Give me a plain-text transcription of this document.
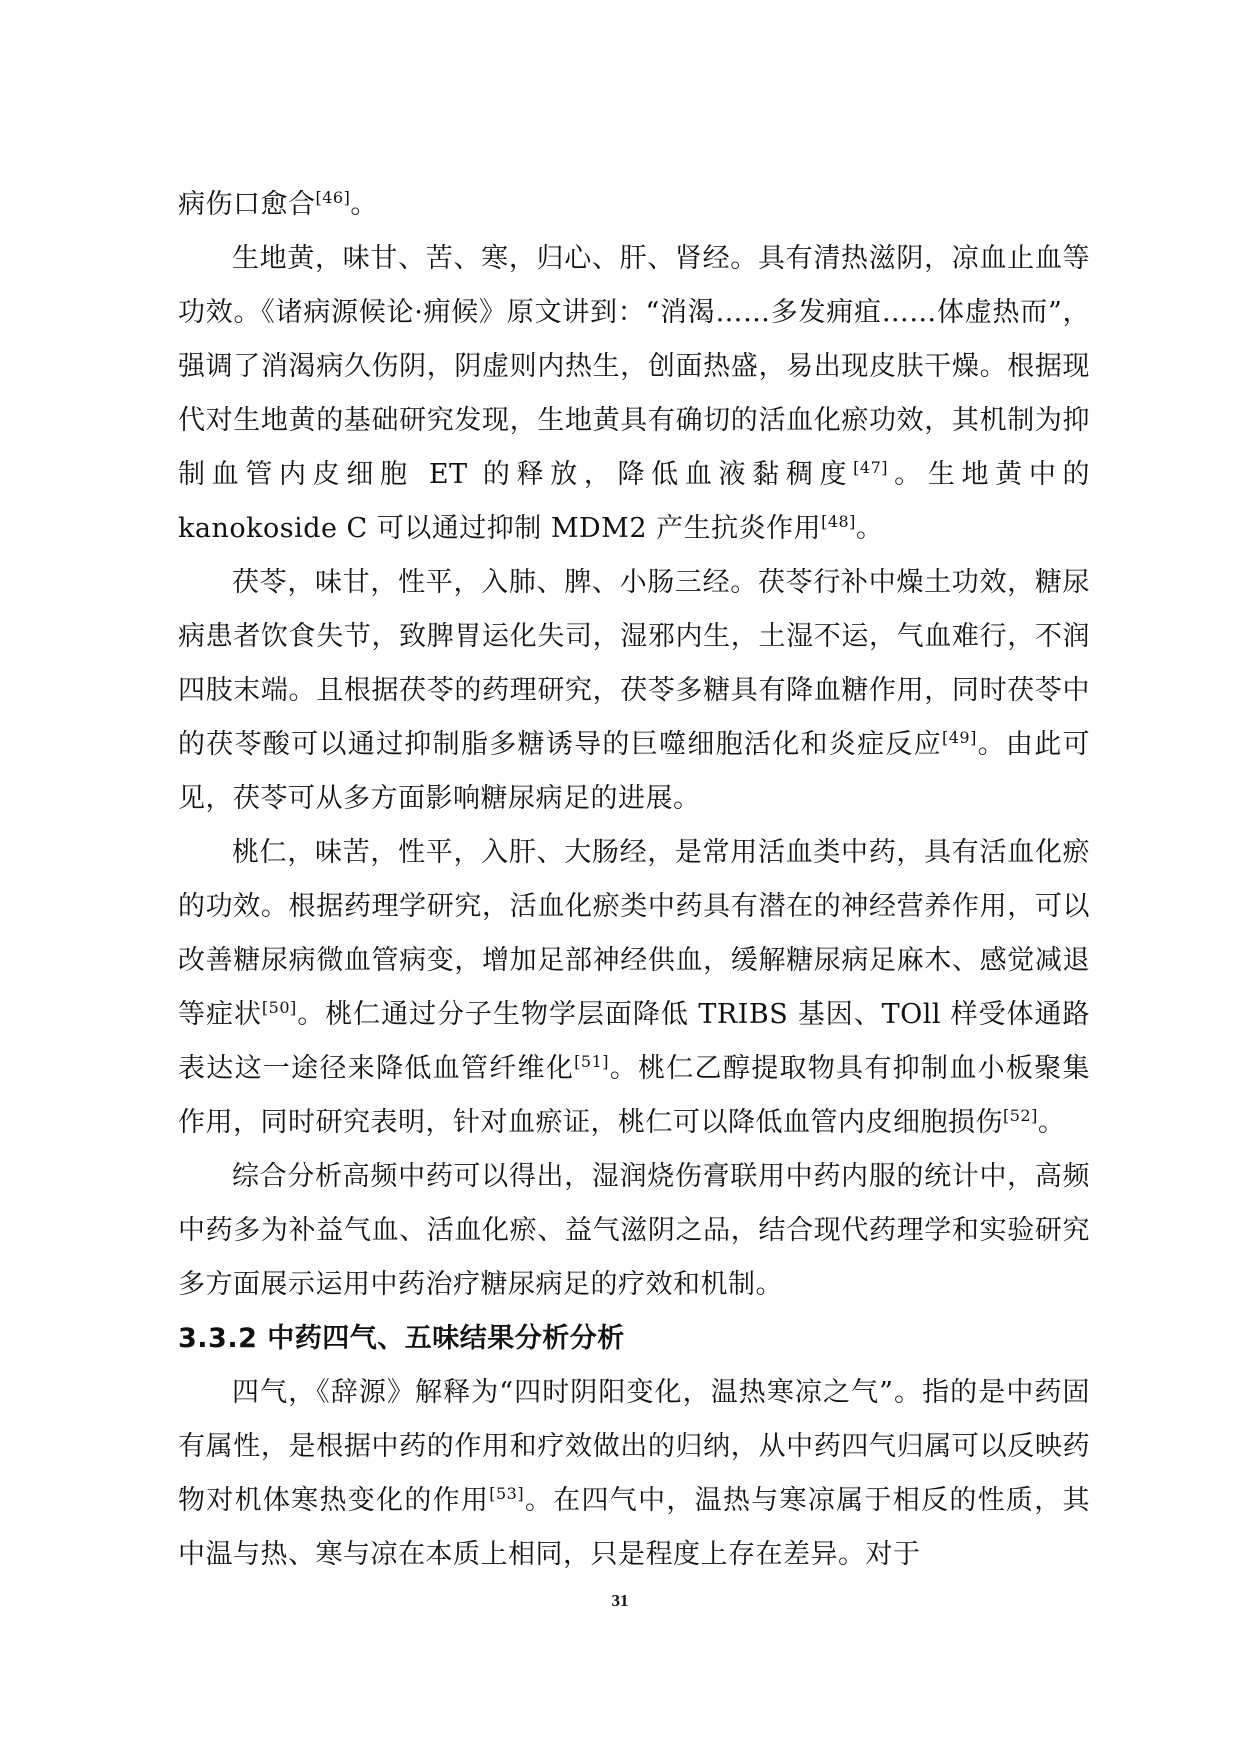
病伤口愈合[46]。

生地黄，味甘、苦、寒，归心、肝、肾经。具有清热滋阴，凉血止血等功效。《诸病源候论·痈候》原文讲到：“消渴……多发痈疽……体虚热而”，强调了消渴病久伤阴，阴虚则内热生，创面热盛，易出现皮肤干燥。根据现代对生地黄的基础研究发现，生地黄具有确切的活血化瘀功效，其机制为抑制血管内皮细胞 ET 的释放，降低血液黏稠度[47]。生地黄中的 kanokoside C 可以通过抑制 MDM2 产生抗炎作用[48]。

茯苓，味甘，性平，入肺、脾、小肠三经。茯苓行补中燥土功效，糖尿病患者饮食失节，致脾胃运化失司，湿邪内生，土湿不运，气血难行，不润四肢末端。且根据茯苓的药理研究，茯苓多糖具有降血糖作用，同时茯苓中的茯苓酸可以通过抑制脂多糖诱导的巨噬细胞活化和炎症反应[49]。由此可见，茯苓可从多方面影响糖尿病足的进展。

桃仁，味苦，性平，入肝、大肠经，是常用活血类中药，具有活血化瘀的功效。根据药理学研究，活血化瘀类中药具有潜在的神经营养作用，可以改善糖尿病微血管病变，增加足部神经供血，缓解糖尿病足麻木、感觉减退等症状[50]。桃仁通过分子生物学层面降低 TRIBS 基因、TOll 样受体通路表达这一途径来降低血管纤维化[51]。桃仁乙醇提取物具有抑制血小板聚集作用，同时研究表明，针对血瘀证，桃仁可以降低血管内皮细胞损伤[52]。

综合分析高频中药可以得出，湿润烧伤膏联用中药内服的统计中，高频中药多为补益气血、活血化瘀、益气滋阴之品，结合现代药理学和实验研究多方面展示运用中药治疗糖尿病足的疗效和机制。

3.3.2 中药四气、五味结果分析分析

四气，《辞源》解释为“四时阴阳变化，温热寒凉之气”。指的是中药固有属性，是根据中药的作用和疗效做出的归纳，从中药四气归属可以反映药物对机体寒热变化的作用[53]。在四气中，温热与寒凉属于相反的性质，其中温与热、寒与凉在本质上相同，只是程度上存在差异。对于

31
